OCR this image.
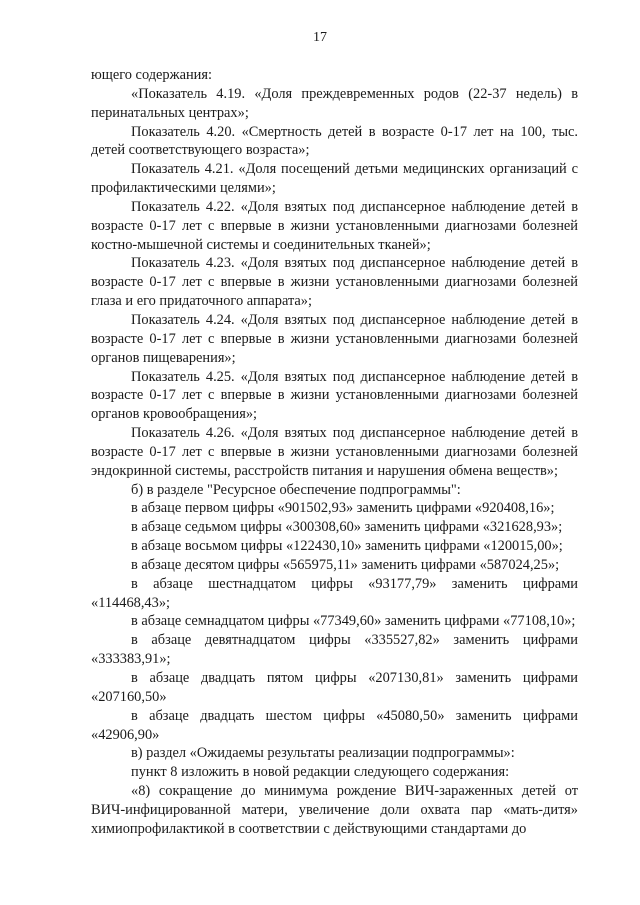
17

ющего содержания:

«Показатель 4.19. «Доля преждевременных родов (22-37 недель) в перинатальных центрах»;

Показатель 4.20. «Смертность детей в возрасте 0-17 лет на 100, тыс. детей соответствующего возраста»;

Показатель 4.21. «Доля посещений детьми медицинских организаций с профилактическими целями»;

Показатель 4.22. «Доля взятых под диспансерное наблюдение детей в возрасте 0-17 лет с впервые в жизни установленными диагнозами болезней костно-мышечной системы и соединительных тканей»;

Показатель 4.23. «Доля взятых под диспансерное наблюдение детей в возрасте 0-17 лет с впервые в жизни установленными диагнозами болезней глаза и его придаточного аппарата»;

Показатель 4.24. «Доля взятых под диспансерное наблюдение детей в возрасте 0-17 лет с впервые в жизни установленными диагнозами болезней органов пищеварения»;

Показатель 4.25. «Доля взятых под диспансерное наблюдение детей в возрасте 0-17 лет с впервые в жизни установленными диагнозами болезней органов кровообращения»;

Показатель 4.26. «Доля взятых под диспансерное наблюдение детей в возрасте 0-17 лет с впервые в жизни установленными диагнозами болезней эндокринной системы, расстройств питания и нарушения обмена веществ»;

б) в разделе "Ресурсное обеспечение подпрограммы":

в абзаце первом цифры «901502,93» заменить цифрами «920408,16»;

в абзаце седьмом цифры «300308,60» заменить цифрами «321628,93»;

в абзаце восьмом цифры «122430,10» заменить цифрами «120015,00»;

в абзаце десятом цифры «565975,11» заменить цифрами «587024,25»;

в абзаце шестнадцатом цифры «93177,79» заменить цифрами «114468,43»;

в абзаце семнадцатом цифры «77349,60» заменить цифрами «77108,10»;

в абзаце девятнадцатом цифры «335527,82» заменить цифрами «333383,91»;

в абзаце двадцать пятом цифры «207130,81» заменить цифрами «207160,50»

в абзаце двадцать шестом цифры «45080,50» заменить цифрами «42906,90»

в) раздел «Ожидаемы результаты реализации подпрограммы»:

пункт 8 изложить в новой редакции следующего содержания:

«8) сокращение до минимума рождение ВИЧ-зараженных детей от ВИЧ-инфицированной матери, увеличение доли охвата пар «мать-дитя» химиопрофилактикой в соответствии с действующими стандартами до
